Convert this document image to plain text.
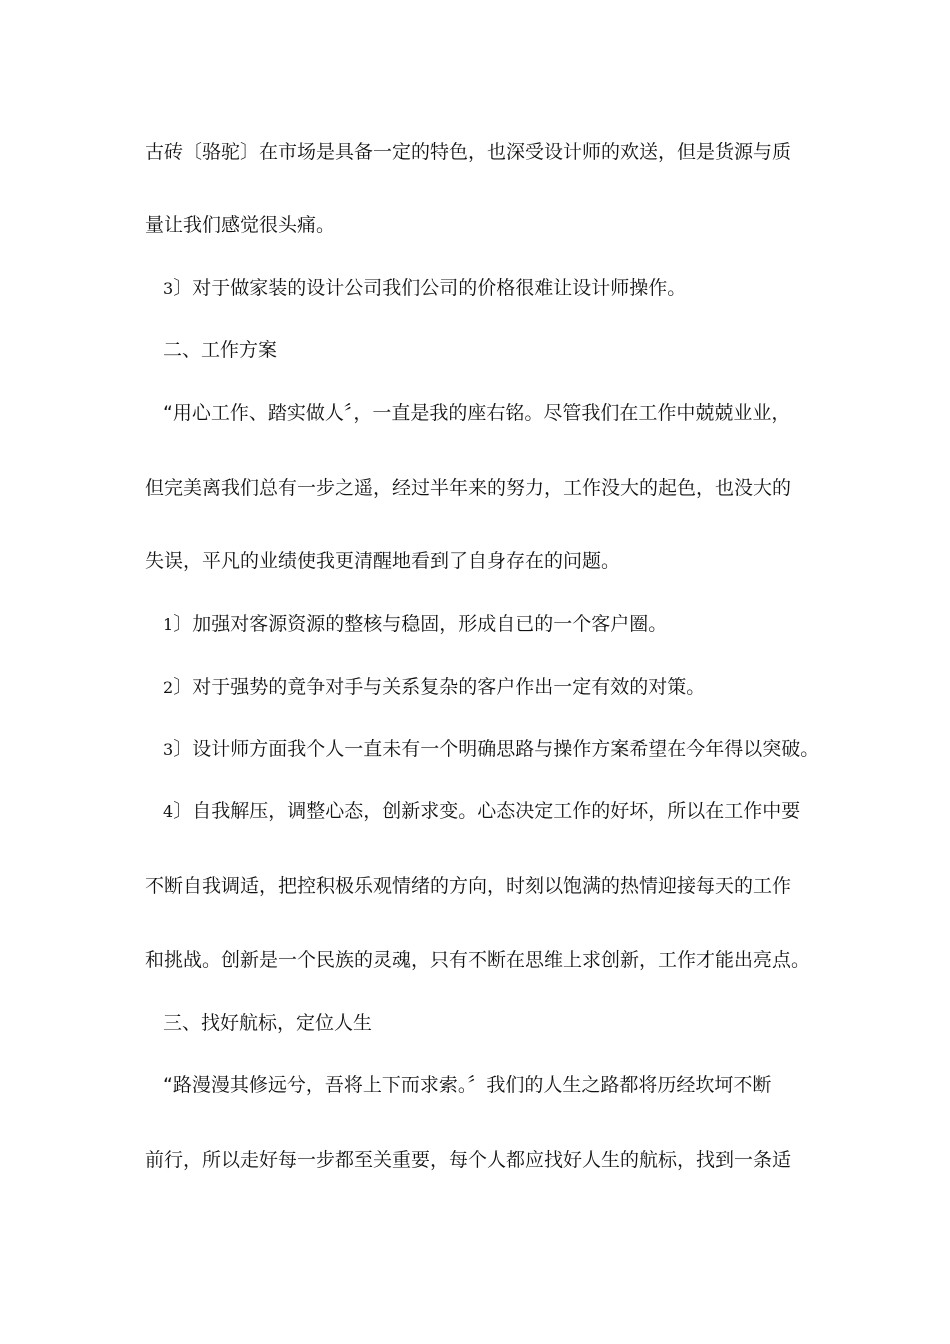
古砖〔骆驼〕在市场是具备一定的特色，也深受设计师的欢送，但是货源与质

量让我们感觉很头痛。

3〕对于做家装的设计公司我们公司的价格很难让设计师操作。

二、工作方案

“用心工作、踏实做人〞，一直是我的座右铭。尽管我们在工作中兢兢业业，

但完美离我们总有一步之遥，经过半年来的努力，工作没大的起色，也没大的

失误，平凡的业绩使我更清醒地看到了自身存在的问题。

1〕加强对客源资源的整核与稳固，形成自已的一个客户圈。

2〕对于强势的竟争对手与关系复杂的客户作出一定有效的对策。

3〕设计师方面我个人一直未有一个明确思路与操作方案希望在今年得以突破。

4〕自我解压，调整心态，创新求变。心态决定工作的好坏，所以在工作中要

不断自我调适，把控积极乐观情绪的方向，时刻以饱满的热情迎接每天的工作

和挑战。创新是一个民族的灵魂，只有不断在思维上求创新，工作才能出亮点。

三、找好航标，定位人生

“路漫漫其修远兮，吾将上下而求索。〞我们的人生之路都将历经坎坷不断

前行，所以走好每一步都至关重要，每个人都应找好人生的航标，找到一条适
